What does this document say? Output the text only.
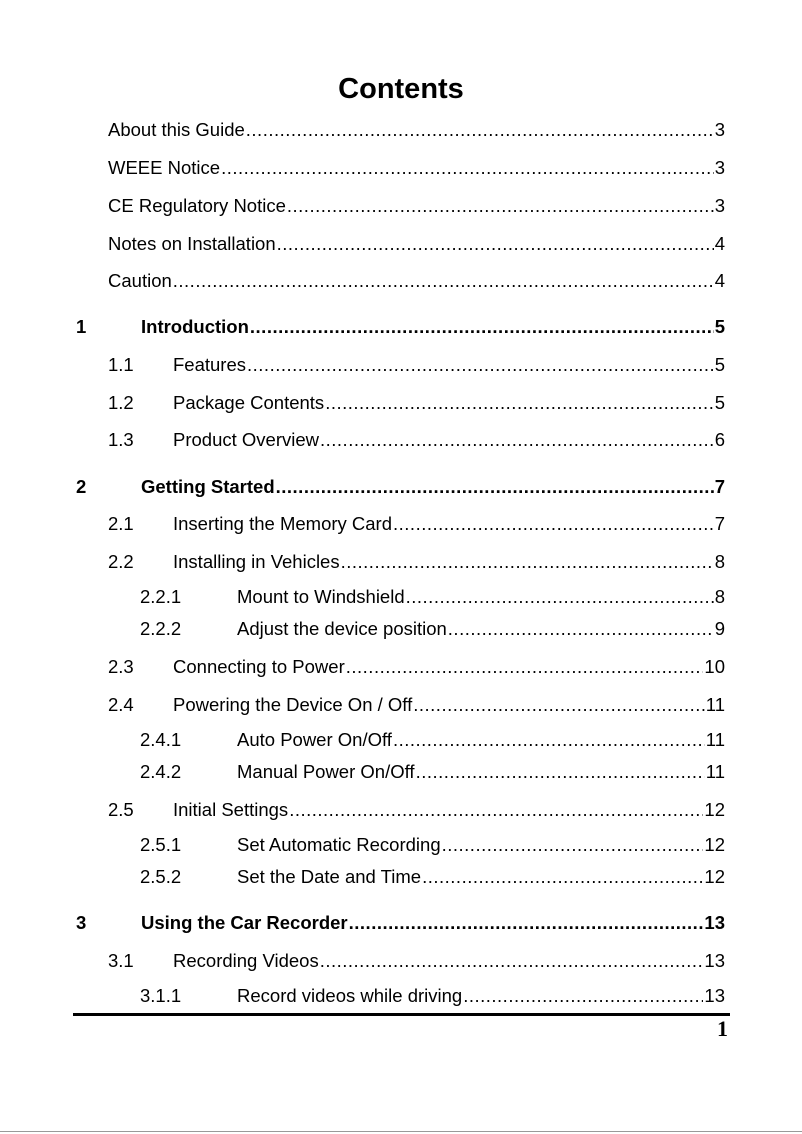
Contents
About this Guide .....	3
WEEE Notice .....	3
CE Regulatory Notice .....	3
Notes on Installation .....	4
Caution .....	4
1	Introduction .....	5
1.1	Features .....	5
1.2	Package Contents .....	5
1.3	Product Overview .....	6
2	Getting Started .....	7
2.1	Inserting the Memory Card .....	7
2.2	Installing in Vehicles .....	8
2.2.1	Mount to Windshield .....	8
2.2.2	Adjust the device position .....	9
2.3	Connecting to Power .....	10
2.4	Powering the Device On / Off .....	11
2.4.1	Auto Power On/Off .....	11
2.4.2	Manual Power On/Off .....	11
2.5	Initial Settings .....	12
2.5.1	Set Automatic Recording .....	12
2.5.2	Set the Date and Time .....	12
3	Using the Car Recorder .....	13
3.1	Recording Videos .....	13
3.1.1	Record videos while driving .....	13
1
